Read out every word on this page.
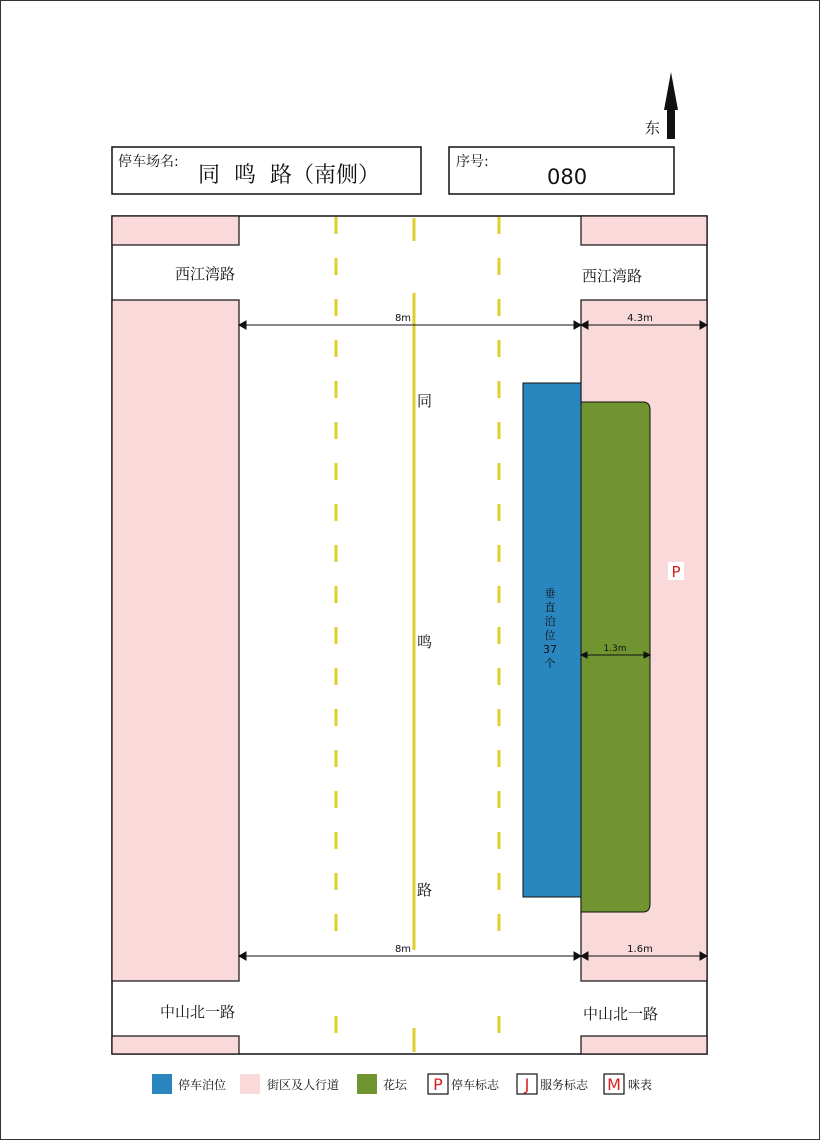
东
停车场名:
同  鸣  路（南侧）
序号:
080
西江湾路	西江湾路
中山北一路	中山北一路
同
鸣
路
垂
直
泊
位
37
个
P
8m	4.3m
8m	1.6m
1.3m
停车泊位	街区及人行道	花坛 P 停车标志 J 服务标志 M 咪表
